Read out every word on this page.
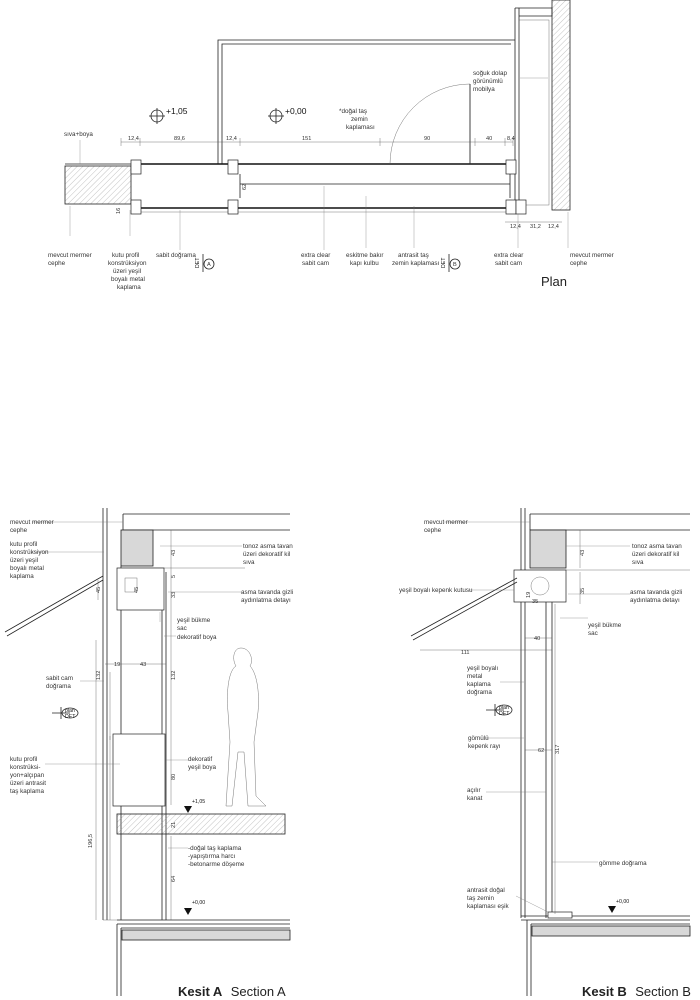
12,4	89,6	12,4	151	90	40	8,4
62
16
12,4 31,2 12,4
+1,05	+0,00
DET A	DET B
sıva+boya
*doğal taş
zemin
kaplaması
soğuk dolap
görünümlü
mobilya
mevcut mermer
cephe
kutu profil
konstrüksiyon
üzeri yeşil
boyalı metal
kaplama
sabit doğrama	extra clear
sabit cam
eskitme bakır
kapı kulbu
antrasit taş
zemin kaplaması
extra clear
sabit cam
mevcut mermer
cephe
Plan
43
5
33
45	45
19	43
132	132
80
21
64
196,5
+1,05
+0,00
plan
DET
mevcut mermer
cephe
kutu profil
konstrüksiyon
üzeri yeşil
boyalı metal
kaplama
sabit cam
doğrama
kutu profil
konstrüksi-
yon+alçıpan
üzeri antrasit
taş kaplama
tonoz asma tavan
üzeri dekoratif kil
sıva
asma tavanda gizli
aydınlatma detayı
yeşil bükme
sac
dekoratif boya
dekoratif
yeşil boya
-doğal taş kaplama
-yapıştırma harcı
-betonarme döşeme
Kesit A Section A
43
35
19
35
40
111
62 317
+0,00
plan
DET
mevcut mermer
cephe
yeşil boyalı kepenk kutusu
tonoz asma tavan
üzeri dekoratif kil
sıva
asma tavanda gizli
aydınlatma detayı
yeşil bükme
sac
yeşil boyalı
metal
kaplama
doğrama
gömülü
kepenk rayı
açılır
kanat
gömme doğrama
antrasit doğal
taş zemin
kaplaması eşik
Kesit B Section B
